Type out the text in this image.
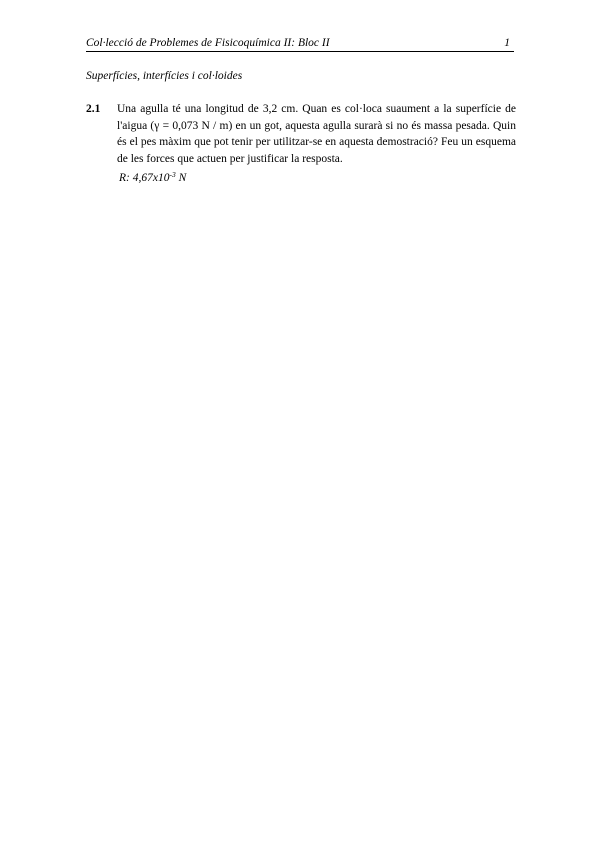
Col·lecció de Problemes de Fisicoquímica II: Bloc II	1
Superfícies, interfícies i col·loides
2.1 Una agulla té una longitud de 3,2 cm. Quan es col·loca suaument a la superfície de l'aigua (γ = 0,073 N / m) en un got, aquesta agulla surarà si no és massa pesada. Quin és el pes màxim que pot tenir per utilitzar-se en aquesta demostració? Feu un esquema de les forces que actuen per justificar la resposta.
R: $4,67x10^{-3}$ N
